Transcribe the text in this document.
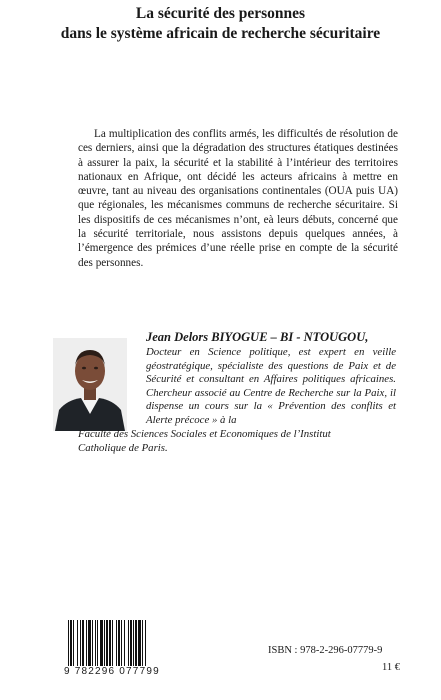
La sécurité des personnes
dans le système africain de recherche sécuritaire

La multiplication des conflits armés, les difficultés de résolution de ces derniers, ainsi que la dégradation des structures étatiques destinées à assurer la paix, la sécurité et la stabilité à l’intérieur des territoires nationaux en Afrique, ont décidé les acteurs africains à mettre en œuvre, tant au niveau des organisations continentales (OUA puis UA) que régionales, les mécanismes communs de recherche sécuritaire. Si les dispositifs de ces mécanismes n’ont, eà leurs débuts, concerné que la sécurité territoriale, nous assistons depuis quelques années, à l’émergence des prémices d’une réelle prise en compte de la sécurité des personnes.

Jean Delors BIYOGUE – BI - NTOUGOU,
Docteur en Science politique, est expert en veille géostratégique, spécialiste des questions de Paix et de Sécurité et consultant en Affaires politiques africaines. Chercheur associé au Centre de Recherche sur la Paix, il dispense un cours sur la « Prévention des conflits et Alerte précoce » à la
Faculté des Sciences Sociales et Economiques de l’Institut
Catholique de Paris.
9 782296 077799
ISBN : 978-2-296-07779-9
11 €
